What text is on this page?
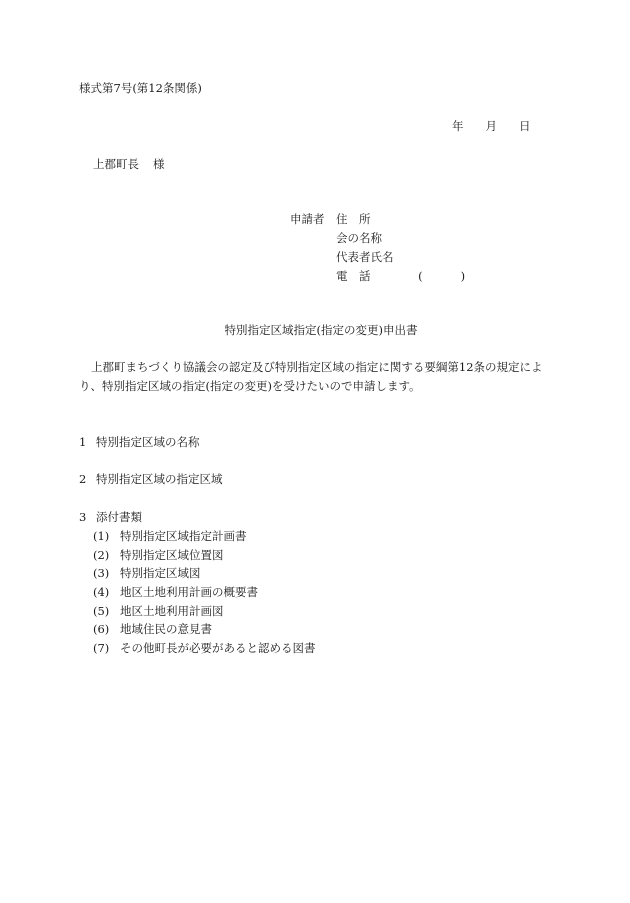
様式第7号(第12条関係)
年 月 日
上郡町長 様
申請者 住　所
会の名称
代表者氏名
電　話	(	)
特別指定区域指定(指定の変更)申出書
上郡町まちづくり協議会の認定及び特別指定区域の指定に関する要綱第12条の規定により、特別指定区域の指定(指定の変更)を受けたいので申請します。
1 特別指定区域の名称
2 特別指定区域の指定区域
3 添付書類
(1) 特別指定区域指定計画書
(2) 特別指定区域位置図
(3) 特別指定区域図
(4) 地区土地利用計画の概要書
(5) 地区土地利用計画図
(6) 地域住民の意見書
(7) その他町長が必要があると認める図書
